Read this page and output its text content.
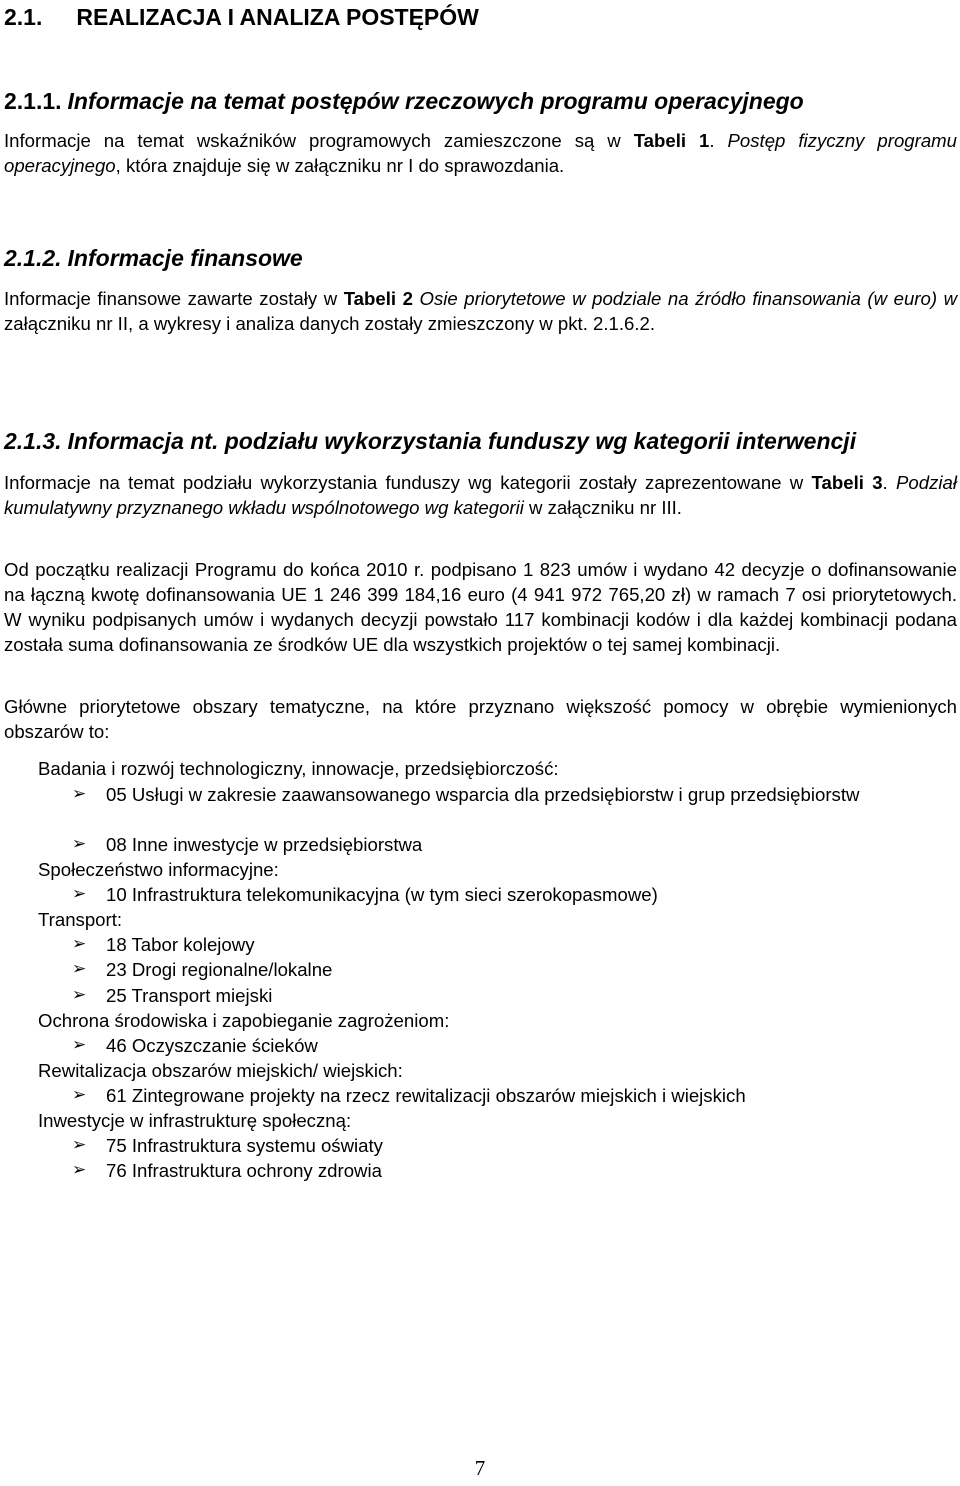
2.1. REALIZACJA I ANALIZA POSTĘPÓW
2.1.1. Informacje na temat postępów rzeczowych programu operacyjnego

Informacje na temat wskaźników programowych zamieszczone są w Tabeli 1. Postęp fizyczny programu operacyjnego, która znajduje się w załączniku nr I do sprawozdania.

2.1.2. Informacje finansowe

Informacje finansowe zawarte zostały w Tabeli 2 Osie priorytetowe w podziale na źródło finansowania (w euro) w załączniku nr II, a wykresy i analiza danych zostały zmieszczony w pkt. 2.1.6.2.

2.1.3. Informacja nt. podziału wykorzystania funduszy wg kategorii interwencji

Informacje na temat podziału wykorzystania funduszy wg kategorii zostały zaprezentowane w Tabeli 3. Podział kumulatywny przyznanego wkładu wspólnotowego wg kategorii w załączniku nr III.

Od początku realizacji Programu do końca 2010 r. podpisano 1 823 umów i wydano 42 decyzje o dofinansowanie na łączną kwotę dofinansowania UE 1 246 399 184,16 euro (4 941 972 765,20 zł) w ramach 7 osi priorytetowych. W wyniku podpisanych umów i wydanych decyzji powstało 117 kombinacji kodów i dla każdej kombinacji podana została suma dofinansowania ze środków UE dla wszystkich projektów o tej samej kombinacji.

Główne priorytetowe obszary tematyczne, na które przyznano większość pomocy w obrębie wymienionych obszarów to:

Badania i rozwój technologiczny, innowacje, przedsiębiorczość:

➢	05 Usługi w zakresie zaawansowanego wsparcia dla przedsiębiorstw i grup przedsiębiorstw
➢	08 Inne inwestycje w przedsiębiorstwa

Społeczeństwo informacyjne:

➢	10 Infrastruktura telekomunikacyjna (w tym sieci szerokopasmowe)

Transport:

➢	18 Tabor kolejowy
➢	23 Drogi regionalne/lokalne
➢	25 Transport miejski

Ochrona środowiska i zapobieganie zagrożeniom:

➢	46 Oczyszczanie ścieków

Rewitalizacja obszarów miejskich/ wiejskich:

➢	61 Zintegrowane projekty na rzecz rewitalizacji obszarów miejskich i wiejskich

Inwestycje w infrastrukturę społeczną:

➢	75 Infrastruktura systemu oświaty
➢	76 Infrastruktura ochrony zdrowia
7
